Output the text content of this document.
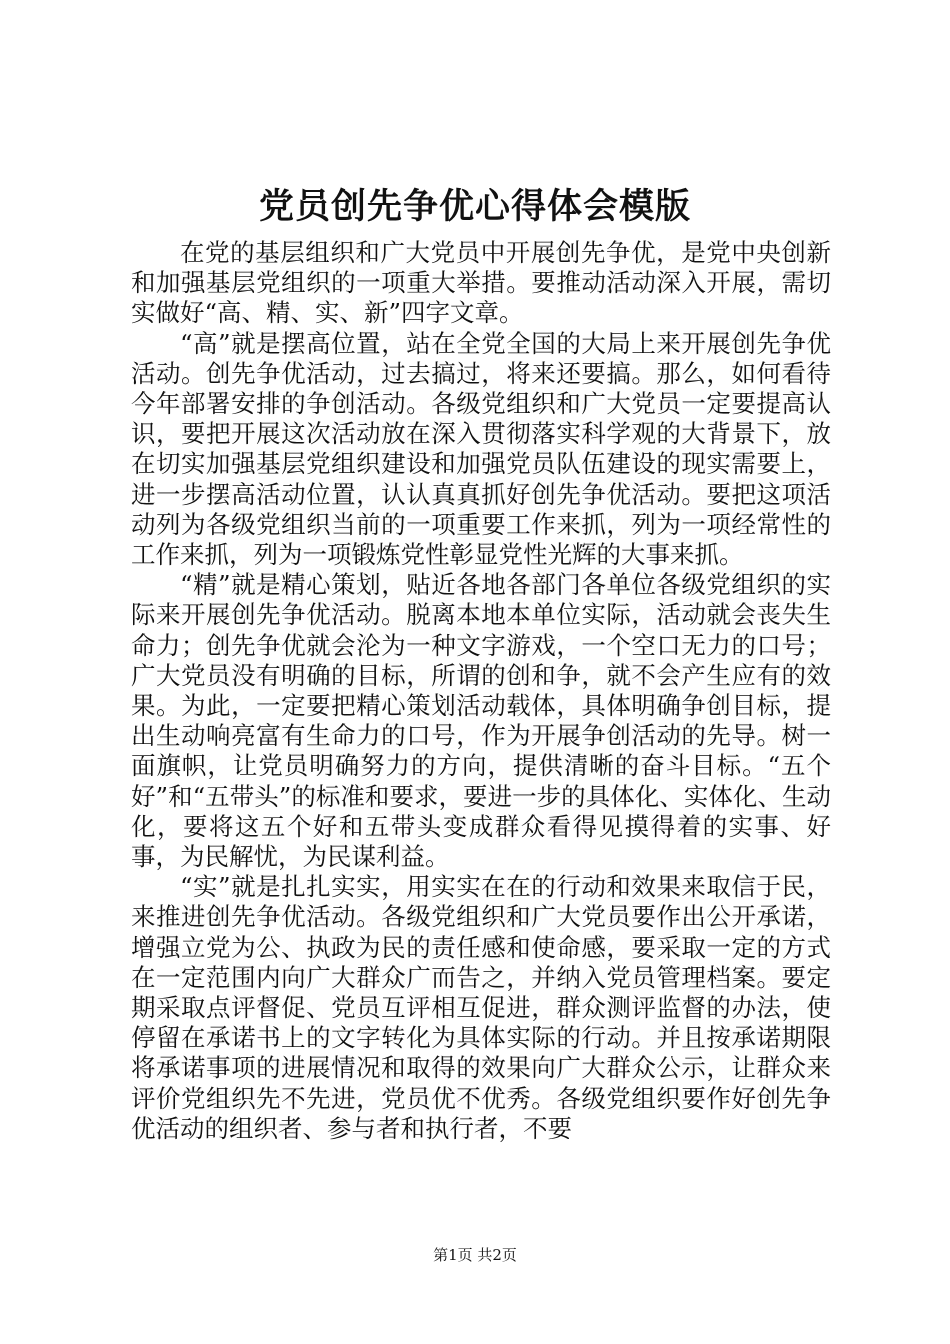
党员创先争优心得体会模版

在党的基层组织和广大党员中开展创先争优，是党中央创新和加强基层党组织的一项重大举措。要推动活动深入开展，需切实做好“高、精、实、新”四字文章。

“高”就是摆高位置，站在全党全国的大局上来开展创先争优活动。创先争优活动，过去搞过，将来还要搞。那么，如何看待今年部署安排的争创活动。各级党组织和广大党员一定要提高认识，要把开展这次活动放在深入贯彻落实科学观的大背景下，放在切实加强基层党组织建设和加强党员队伍建设的现实需要上，进一步摆高活动位置，认认真真抓好创先争优活动。要把这项活动列为各级党组织当前的一项重要工作来抓，列为一项经常性的工作来抓，列为一项锻炼党性彰显党性光辉的大事来抓。

“精”就是精心策划，贴近各地各部门各单位各级党组织的实际来开展创先争优活动。脱离本地本单位实际，活动就会丧失生命力；创先争优就会沦为一种文字游戏，一个空口无力的口号；广大党员没有明确的目标，所谓的创和争，就不会产生应有的效果。为此，一定要把精心策划活动载体，具体明确争创目标，提出生动响亮富有生命力的口号，作为开展争创活动的先导。树一面旗帜，让党员明确努力的方向，提供清晰的奋斗目标。“五个好”和“五带头”的标准和要求，要进一步的具体化、实体化、生动化，要将这五个好和五带头变成群众看得见摸得着的实事、好事，为民解忧，为民谋利益。

“实”就是扎扎实实，用实实在在的行动和效果来取信于民，来推进创先争优活动。各级党组织和广大党员要作出公开承诺，增强立党为公、执政为民的责任感和使命感，要采取一定的方式在一定范围内向广大群众广而告之，并纳入党员管理档案。要定期采取点评督促、党员互评相互促进，群众测评监督的办法，使停留在承诺书上的文字转化为具体实际的行动。并且按承诺期限将承诺事项的进展情况和取得的效果向广大群众公示，让群众来评价党组织先不先进，党员优不优秀。各级党组织要作好创先争优活动的组织者、参与者和执行者，不要

第1页 共2页
